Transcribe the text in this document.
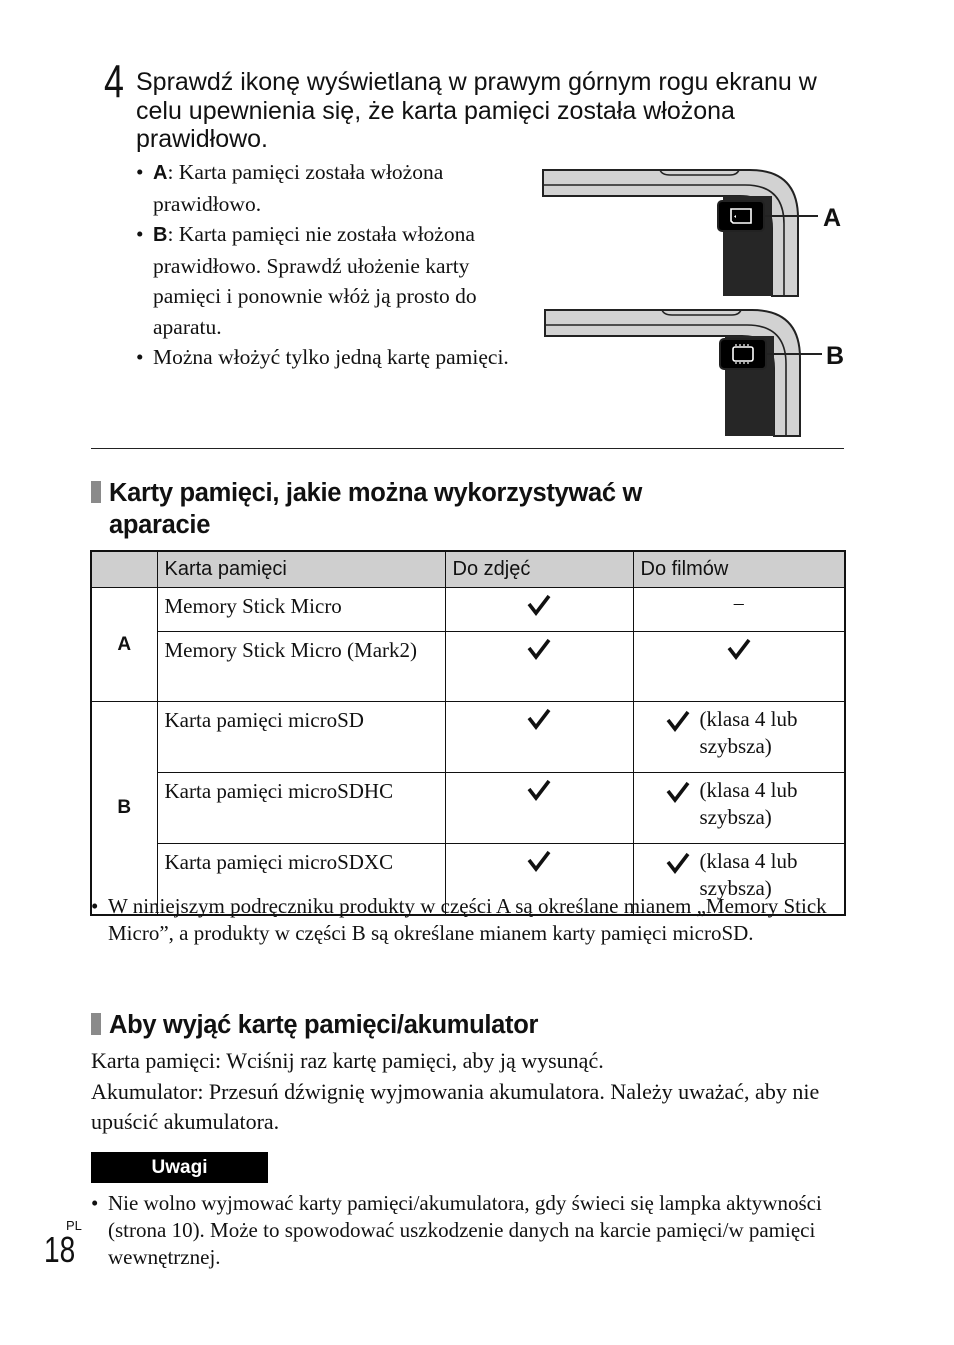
4 Sprawdź ikonę wyświetlaną w prawym górnym rogu ekranu w celu upewnienia się, że karta pamięci została włożona prawidłowo.
• A: Karta pamięci została włożona prawidłowo.
• B: Karta pamięci nie została włożona prawidłowo. Sprawdź ułożenie karty pamięci i ponownie włóż ją prosto do aparatu.
• Można włożyć tylko jedną kartę pamięci.
A
B
Karty pamięci, jakie można wykorzystywać w
aparacie
	Karta pamięci	Do zdjęć	Do filmów
A	Memory Stick Micro		–
	Memory Stick Micro (Mark2)		
B	Karta pamięci microSD		(klasa 4 lub szybsza)

	Karta pamięci microSDHC		(klasa 4 lub szybsza)

	Karta pamięci microSDXC		(klasa 4 lub szybsza)
• W niniejszym podręczniku produkty w części A są określane mianem „Memory Stick Micro”, a produkty w części B są określane mianem karty pamięci microSD.
Aby wyjąć kartę pamięci/akumulator
Karta pamięci: Wciśnij raz kartę pamięci, aby ją wysunąć.
Akumulator: Przesuń dźwignię wyjmowania akumulatora. Należy uważać, aby nie upuścić akumulatora.
Uwagi
• Nie wolno wyjmować karty pamięci/akumulatora, gdy świeci się lampka aktywności (strona 10). Może to spowodować uszkodzenie danych na karcie pamięci/w pamięci wewnętrznej.
PL
18
